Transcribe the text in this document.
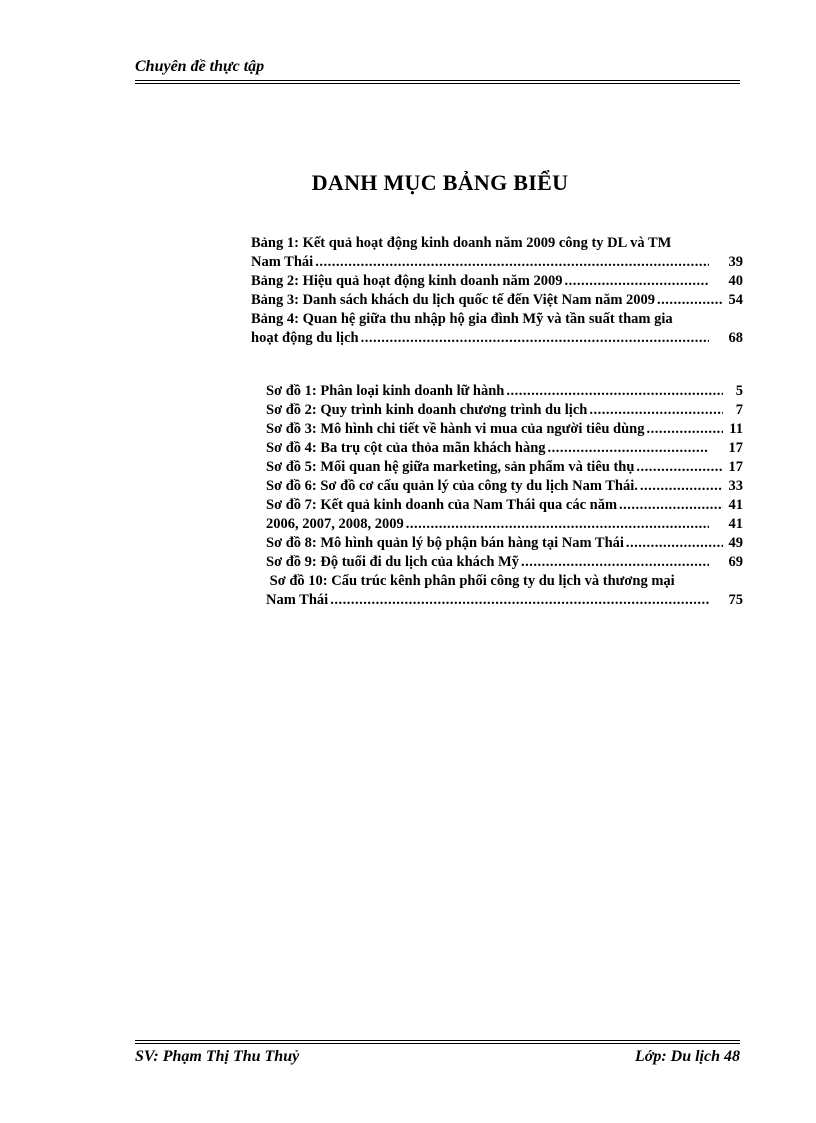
Chuyên đề thực tập
DANH MỤC BẢNG BIỂU
Bảng 1: Kết quả hoạt động kinh doanh năm 2009 công ty DL và TM
Nam Thái .....	39
Bảng 2: Hiệu quả hoạt động kinh doanh năm 2009 .....	40
Bảng 3: Danh sách khách du lịch quốc tế đến Việt Nam năm 2009 .....	54
Bảng 4: Quan hệ giữa thu nhập hộ gia đình Mỹ và tần suất tham gia
hoạt động du lịch .....	68
Sơ đồ 1: Phân loại kinh doanh lữ hành .....	5
Sơ đồ 2: Quy trình kinh doanh chương trình du lịch .....	7
Sơ đồ 3: Mô hình chi tiết về hành vi mua của người tiêu dùng .....	11
Sơ đồ 4: Ba trụ cột của thỏa mãn khách hàng .....	17
Sơ đồ 5: Mối quan hệ giữa marketing, sản phẩm và tiêu thụ .....	17
Sơ đồ 6: Sơ đồ cơ cấu quản lý của công ty du lịch Nam Thái. .....	33
Sơ đồ 7: Kết quả kinh doanh của Nam Thái qua các năm .....	41
2006, 2007, 2008, 2009 .....	41
Sơ đồ 8: Mô hình quản lý bộ phận bán hàng tại Nam Thái .....	49
Sơ đồ 9: Độ tuổi đi du lịch của khách Mỹ .....	69
Sơ đồ 10: Cấu trúc kênh phân phối công ty du lịch và thương mại
Nam Thái .....	75
SV: Phạm Thị Thu Thuỷ	Lớp: Du lịch 48
